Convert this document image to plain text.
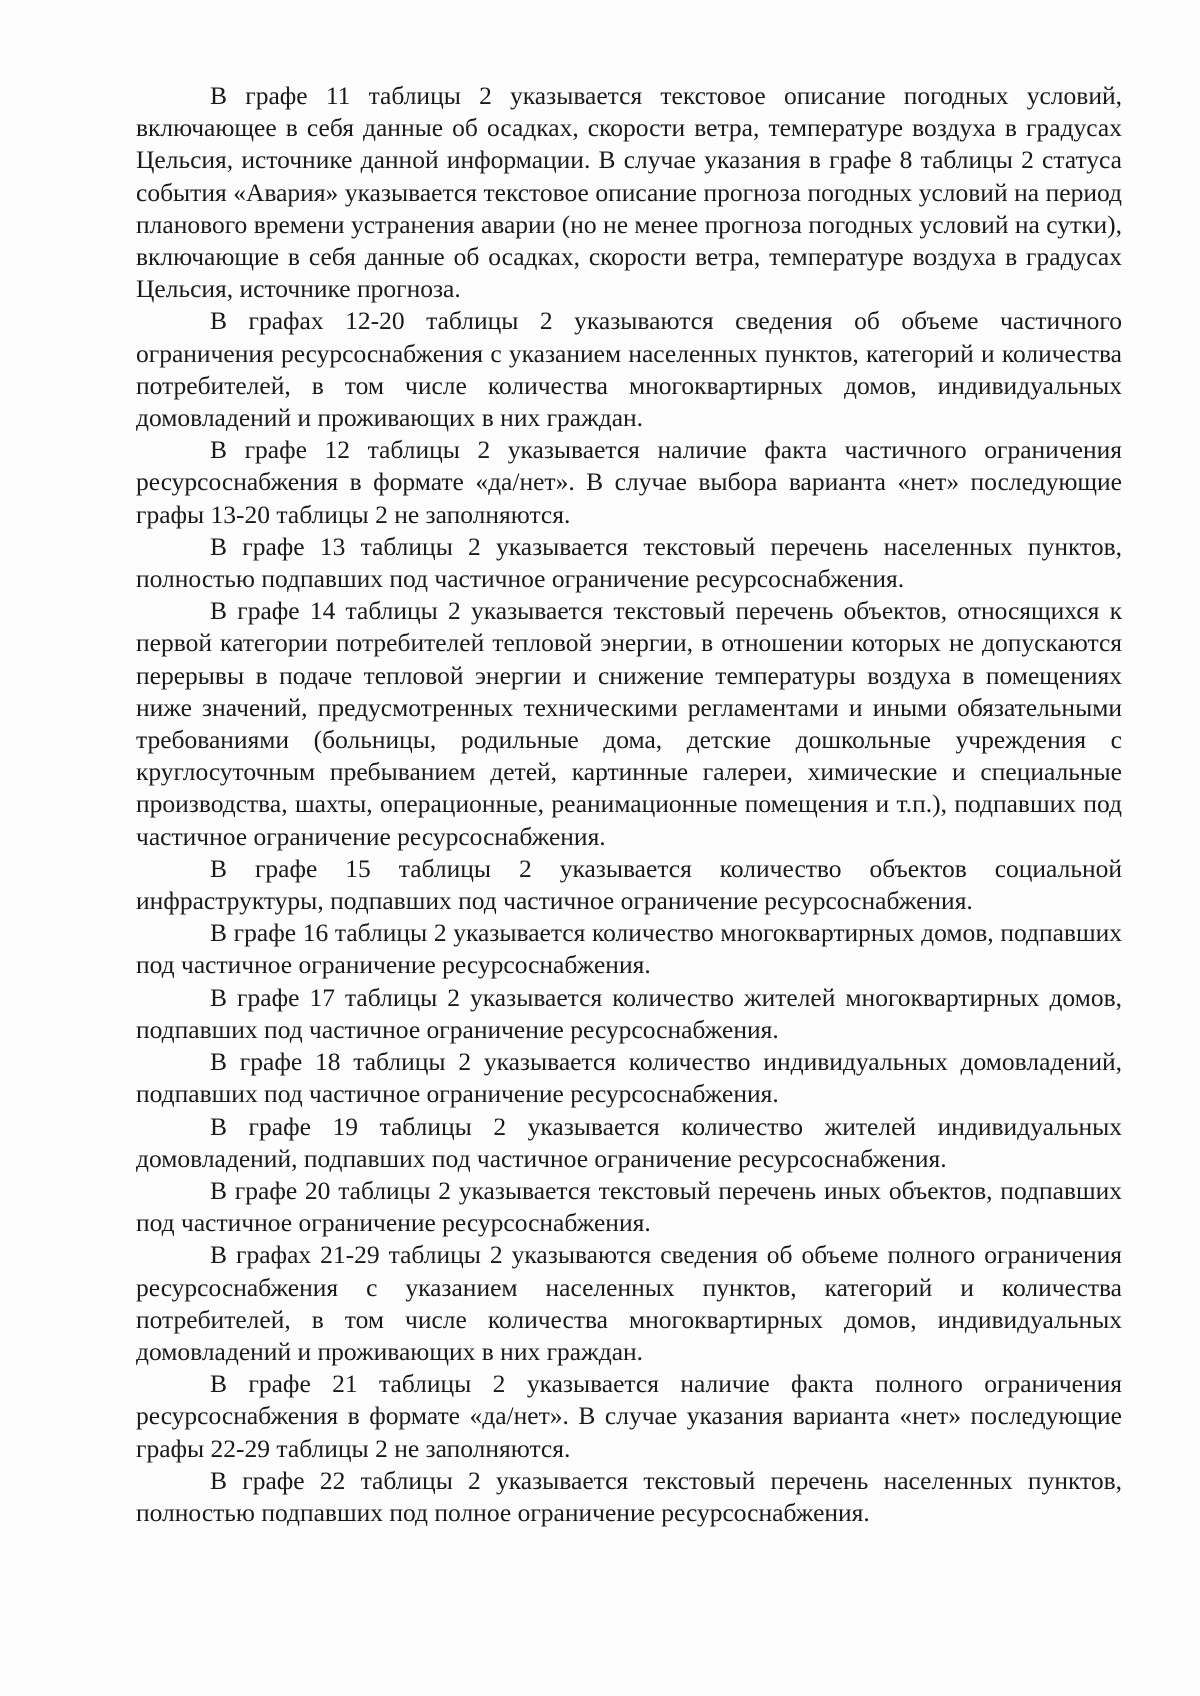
В графе 11 таблицы 2 указывается текстовое описание погодных условий, включающее в себя данные об осадках, скорости ветра, температуре воздуха в градусах Цельсия, источнике данной информации. В случае указания в графе 8 таблицы 2 статуса события «Авария» указывается текстовое описание прогноза погодных условий на период планового времени устранения аварии (но не менее прогноза погодных условий на сутки), включающие в себя данные об осадках, скорости ветра, температуре воздуха в градусах Цельсия, источнике прогноза.

В графах 12-20 таблицы 2 указываются сведения об объеме частичного ограничения ресурсоснабжения с указанием населенных пунктов, категорий и количества потребителей, в том числе количества многоквартирных домов, индивидуальных домовладений и проживающих в них граждан.

В графе 12 таблицы 2 указывается наличие факта частичного ограничения ресурсоснабжения в формате «да/нет». В случае выбора варианта «нет» последующие графы 13-20 таблицы 2 не заполняются.

В графе 13 таблицы 2 указывается текстовый перечень населенных пунктов, полностью подпавших под частичное ограничение ресурсоснабжения.

В графе 14 таблицы 2 указывается текстовый перечень объектов, относящихся к первой категории потребителей тепловой энергии, в отношении которых не допускаются перерывы в подаче тепловой энергии и снижение температуры воздуха в помещениях ниже значений, предусмотренных техническими регламентами и иными обязательными требованиями (больницы, родильные дома, детские дошкольные учреждения с круглосуточным пребыванием детей, картинные галереи, химические и специальные производства, шахты, операционные, реанимационные помещения и т.п.), подпавших под частичное ограничение ресурсоснабжения.

В графе 15 таблицы 2 указывается количество объектов социальной инфраструктуры, подпавших под частичное ограничение ресурсоснабжения.

В графе 16 таблицы 2 указывается количество многоквартирных домов, подпавших под частичное ограничение ресурсоснабжения.

В графе 17 таблицы 2 указывается количество жителей многоквартирных домов, подпавших под частичное ограничение ресурсоснабжения.

В графе 18 таблицы 2 указывается количество индивидуальных домовладений, подпавших под частичное ограничение ресурсоснабжения.

В графе 19 таблицы 2 указывается количество жителей индивидуальных домовладений, подпавших под частичное ограничение ресурсоснабжения.

В графе 20 таблицы 2 указывается текстовый перечень иных объектов, подпавших под частичное ограничение ресурсоснабжения.

В графах 21-29 таблицы 2 указываются сведения об объеме полного ограничения ресурсоснабжения с указанием населенных пунктов, категорий и количества потребителей, в том числе количества многоквартирных домов, индивидуальных домовладений и проживающих в них граждан.

В графе 21 таблицы 2 указывается наличие факта полного ограничения ресурсоснабжения в формате «да/нет». В случае указания варианта «нет» последующие графы 22-29 таблицы 2 не заполняются.

В графе 22 таблицы 2 указывается текстовый перечень населенных пунктов, полностью подпавших под полное ограничение ресурсоснабжения.
